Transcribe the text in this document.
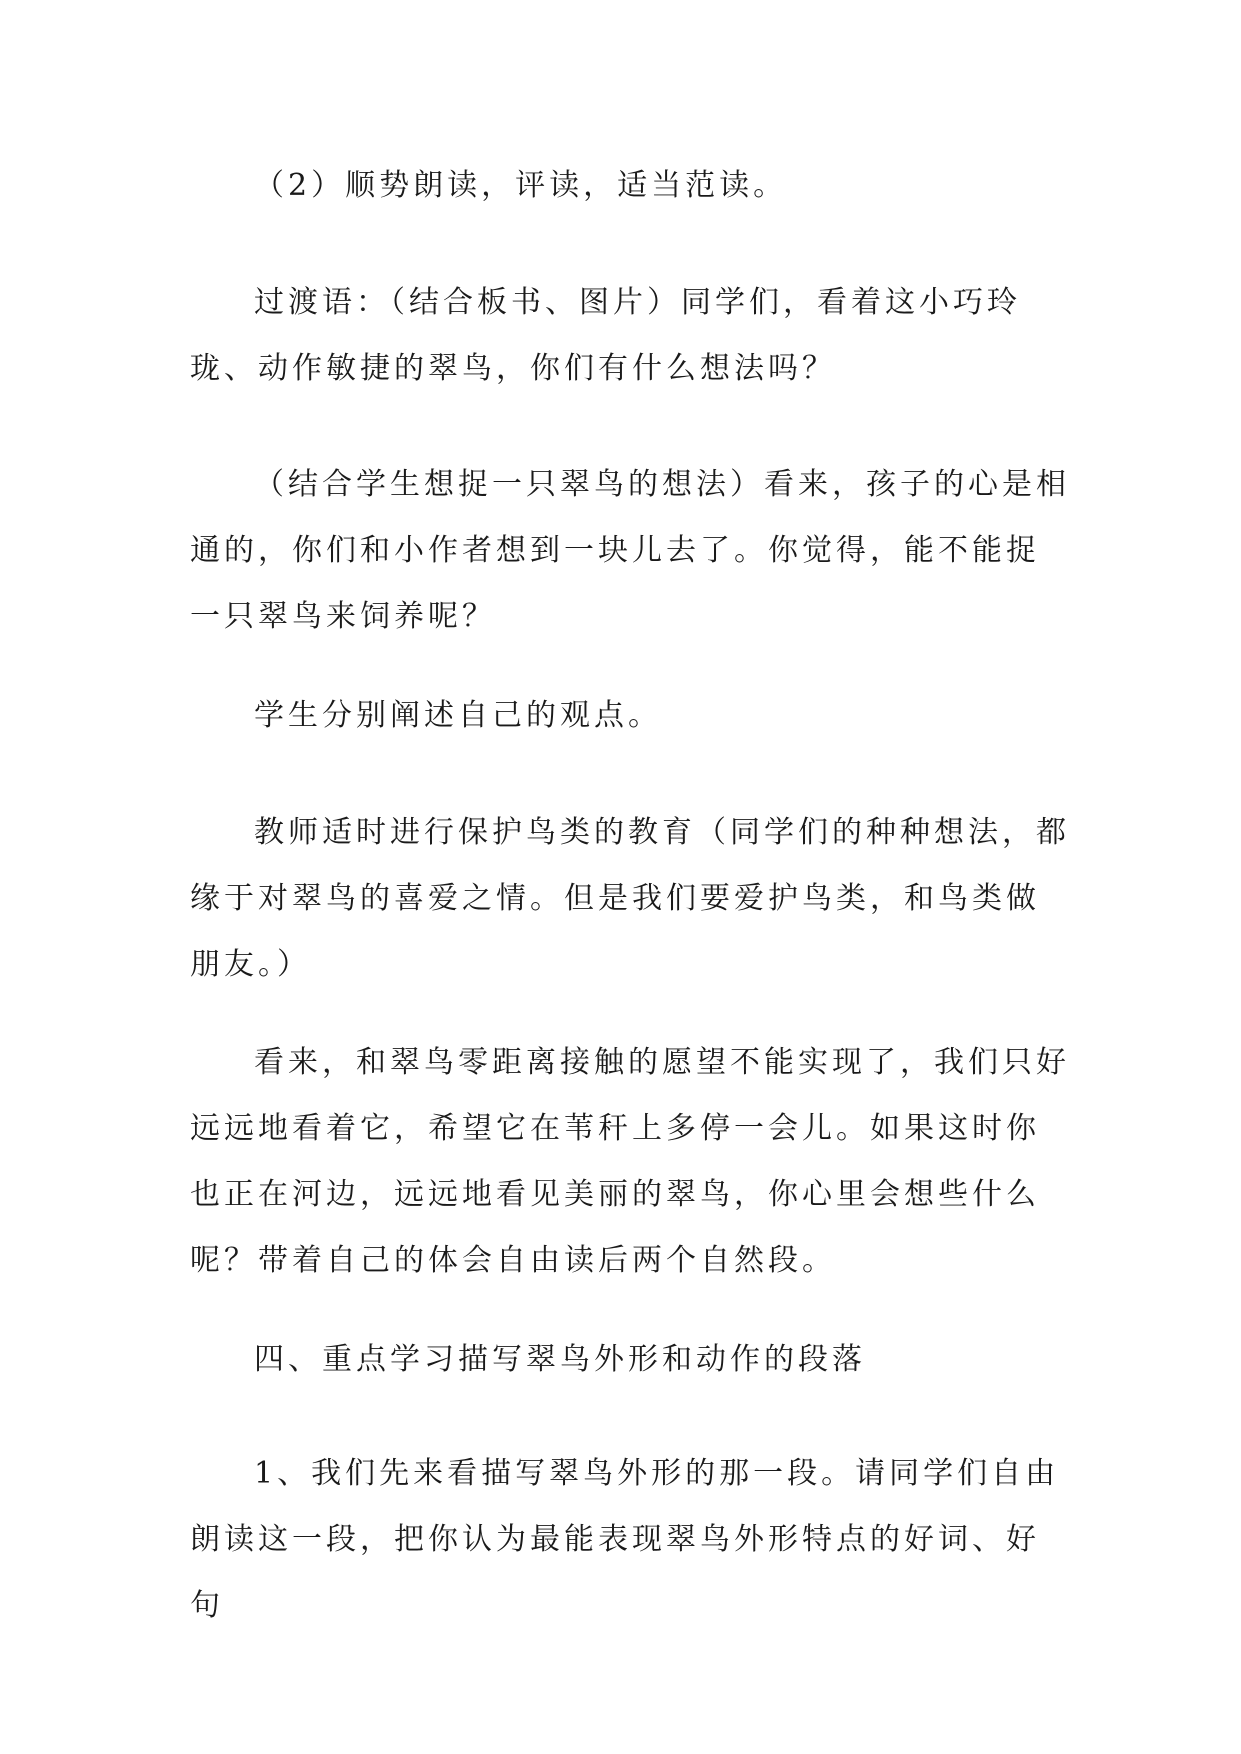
（2）顺势朗读，评读，适当范读。

过渡语：（结合板书、图片）同学们，看着这小巧玲珑、动作敏捷的翠鸟，你们有什么想法吗？

（结合学生想捉一只翠鸟的想法）看来，孩子的心是相通的，你们和小作者想到一块儿去了。你觉得，能不能捉一只翠鸟来饲养呢？

学生分别阐述自己的观点。

教师适时进行保护鸟类的教育（同学们的种种想法，都缘于对翠鸟的喜爱之情。但是我们要爱护鸟类，和鸟类做朋友。）

看来，和翠鸟零距离接触的愿望不能实现了，我们只好远远地看着它，希望它在苇秆上多停一会儿。如果这时你也正在河边，远远地看见美丽的翠鸟，你心里会想些什么呢？带着自己的体会自由读后两个自然段。

四、重点学习描写翠鸟外形和动作的段落

1、我们先来看描写翠鸟外形的那一段。请同学们自由朗读这一段，把你认为最能表现翠鸟外形特点的好词、好句
